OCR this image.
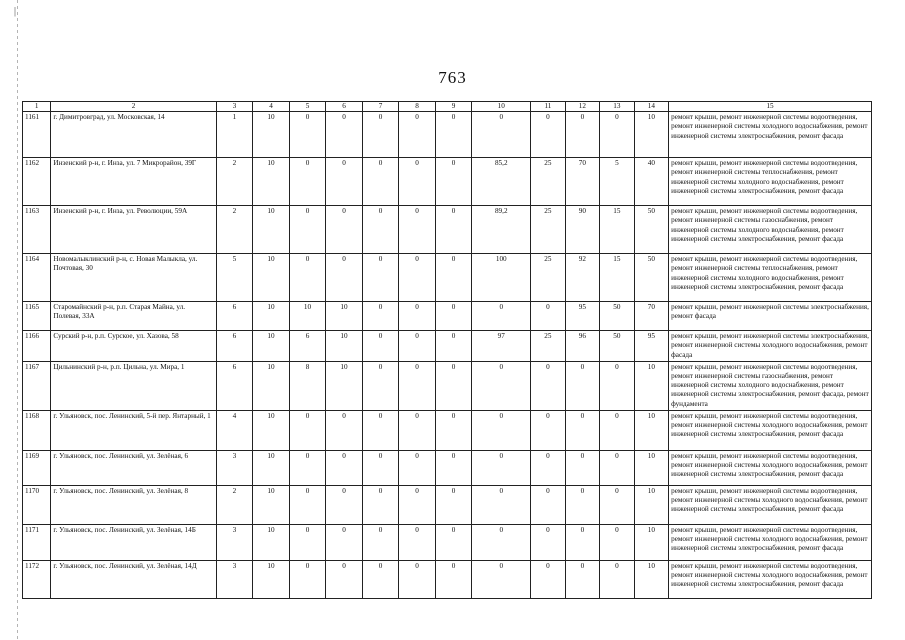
|
763
1	2	3	4	5	6	7	8	9	10	11	12	13	14	15
1161	г. Димитровград, ул. Московская, 14	1	10	0	0	0	0	0	0	0	0	0	10	ремонт крыши, ремонт инженерной системы водоотведения, ремонт инженерной системы холодного водоснабжения, ремонт инженерной системы электроснабжения, ремонт фасада
1162	Инзенский р-н, г. Инза, ул. 7 Микрорайон, 39Г	2	10	0	0	0	0	0	85,2	25	70	5	40	ремонт крыши, ремонт инженерной системы водоотведения, ремонт инженерной системы теплоснабжения, ремонт инженерной системы холодного водоснабжения, ремонт инженерной системы электроснабжения, ремонт фасада
1163	Инзенский р-н, г. Инза, ул. Революции, 59А	2	10	0	0	0	0	0	89,2	25	90	15	50	ремонт крыши, ремонт инженерной системы водоотведения, ремонт инженерной системы газоснабжения, ремонт инженерной системы холодного водоснабжения, ремонт инженерной системы электроснабжения, ремонт фасада
1164	Новомалыклинский р-н, с. Новая Малыкла, ул. Почтовая, 30	5	10	0	0	0	0	0	100	25	92	15	50	ремонт крыши, ремонт инженерной системы водоотведения, ремонт инженерной системы теплоснабжения, ремонт инженерной системы холодного водоснабжения, ремонт инженерной системы электроснабжения, ремонт фасада
1165	Старомайнский р-н, р.п. Старая Майна, ул. Полевая, 33А	6	10	10	10	0	0	0	0	0	95	50	70	ремонт крыши, ремонт инженерной системы электроснабжения, ремонт фасада
1166	Сурский р-н, р.п. Сурское, ул. Хазова, 58	6	10	6	10	0	0	0	97	25	96	50	95	ремонт крыши, ремонт инженерной системы электроснабжения, ремонт инженерной системы холодного водоснабжения, ремонт фасада
1167	Цильнинский р-н, р.п. Цильна, ул. Мира, 1	6	10	8	10	0	0	0	0	0	0	0	10	ремонт крыши, ремонт инженерной системы водоотведения, ремонт инженерной системы газоснабжения, ремонт инженерной системы холодного водоснабжения, ремонт инженерной системы электроснабжения, ремонт фасада, ремонт фундамента
1168	г. Ульяновск, пос. Ленинский, 5-й пер. Янтарный, 1	4	10	0	0	0	0	0	0	0	0	0	10	ремонт крыши, ремонт инженерной системы водоотведения, ремонт инженерной системы холодного водоснабжения, ремонт инженерной системы электроснабжения, ремонт фасада
1169	г. Ульяновск, пос. Ленинский, ул. Зелёная, 6	3	10	0	0	0	0	0	0	0	0	0	10	ремонт крыши, ремонт инженерной системы водоотведения, ремонт инженерной системы холодного водоснабжения, ремонт инженерной системы электроснабжения, ремонт фасада
1170	г. Ульяновск, пос. Ленинский, ул. Зелёная, 8	2	10	0	0	0	0	0	0	0	0	0	10	ремонт крыши, ремонт инженерной системы водоотведения, ремонт инженерной системы холодного водоснабжения, ремонт инженерной системы электроснабжения, ремонт фасада
1171	г. Ульяновск, пос. Ленинский, ул. Зелёная, 14Б	3	10	0	0	0	0	0	0	0	0	0	10	ремонт крыши, ремонт инженерной системы водоотведения, ремонт инженерной системы холодного водоснабжения, ремонт инженерной системы электроснабжения, ремонт фасада
1172	г. Ульяновск, пос. Ленинский, ул. Зелёная, 14Д	3	10	0	0	0	0	0	0	0	0	0	10	ремонт крыши, ремонт инженерной системы водоотведения, ремонт инженерной системы холодного водоснабжения, ремонт инженерной системы электроснабжения, ремонт фасада
